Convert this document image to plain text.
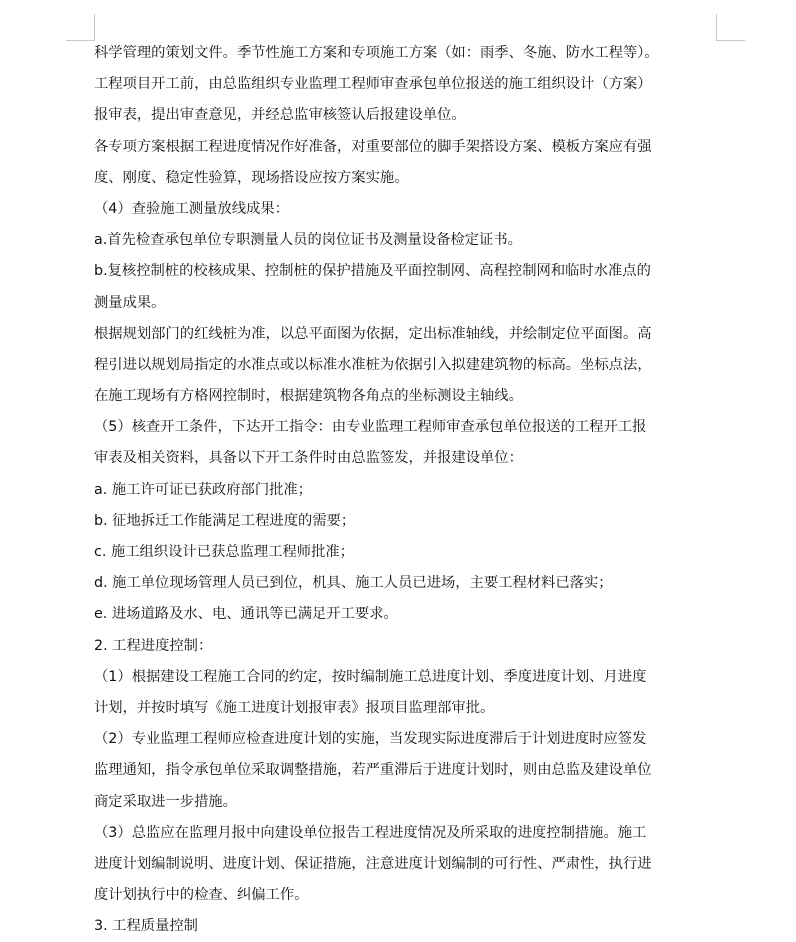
科学管理的策划文件。季节性施工方案和专项施工方案（如：雨季、冬施、防水工程等）。
工程项目开工前，由总监组织专业监理工程师审查承包单位报送的施工组织设计（方案）
报审表，提出审查意见，并经总监审核签认后报建设单位。
各专项方案根据工程进度情况作好准备，对重要部位的脚手架搭设方案、模板方案应有强
度、刚度、稳定性验算，现场搭设应按方案实施。
（4）查验施工测量放线成果：
a.首先检查承包单位专职测量人员的岗位证书及测量设备检定证书。
b.复核控制桩的校核成果、控制桩的保护措施及平面控制网、高程控制网和临时水准点的
测量成果。
根据规划部门的红线桩为准，以总平面图为依据，定出标准轴线，并绘制定位平面图。高
程引进以规划局指定的水准点或以标准水准桩为依据引入拟建建筑物的标高。坐标点法，
在施工现场有方格网控制时，根据建筑物各角点的坐标测设主轴线。
（5）核查开工条件，下达开工指令：由专业监理工程师审查承包单位报送的工程开工报
审表及相关资料，具备以下开工条件时由总监签发，并报建设单位：
a. 施工许可证已获政府部门批准；
b. 征地拆迁工作能满足工程进度的需要；
c. 施工组织设计已获总监理工程师批准；
d. 施工单位现场管理人员已到位，机具、施工人员已进场，主要工程材料已落实；
e. 进场道路及水、电、通讯等已满足开工要求。
2. 工程进度控制：
（1）根据建设工程施工合同的约定，按时编制施工总进度计划、季度进度计划、月进度
计划，并按时填写《施工进度计划报审表》报项目监理部审批。
（2）专业监理工程师应检查进度计划的实施，当发现实际进度滞后于计划进度时应签发
监理通知，指令承包单位采取调整措施，若严重滞后于进度计划时，则由总监及建设单位
商定采取进一步措施。
（3）总监应在监理月报中向建设单位报告工程进度情况及所采取的进度控制措施。施工
进度计划编制说明、进度计划、保证措施，注意进度计划编制的可行性、严肃性，执行进
度计划执行中的检查、纠偏工作。
3. 工程质量控制
